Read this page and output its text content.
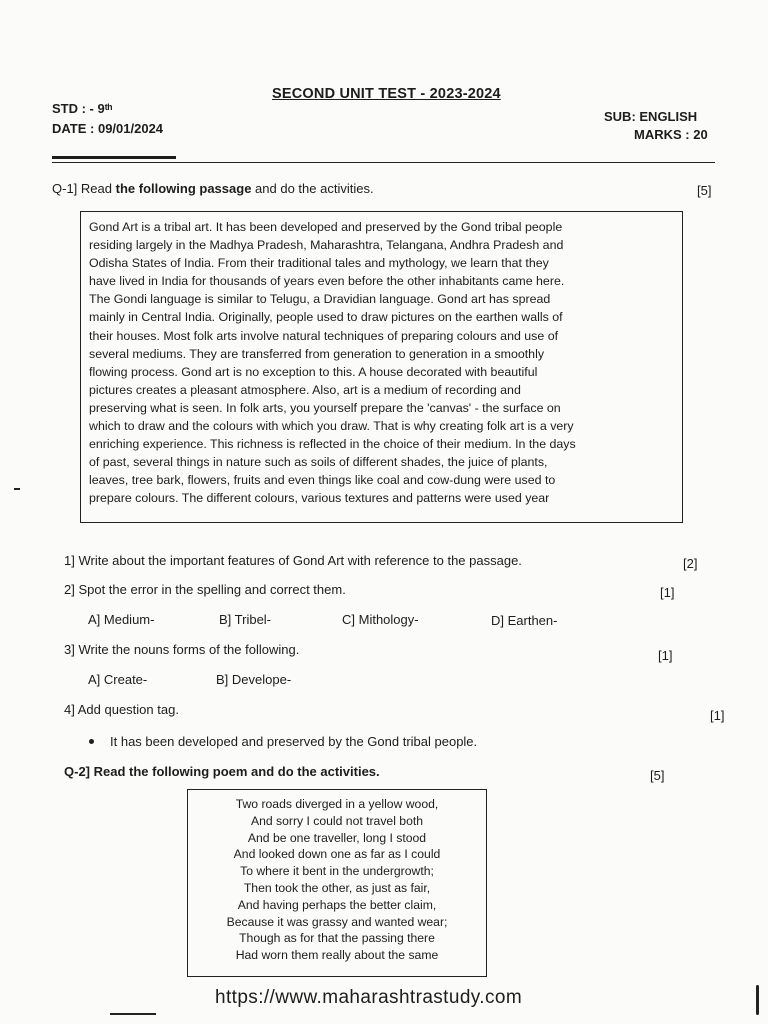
SECOND UNIT TEST - 2023-2024
STD : - 9ᵗʰ
DATE : 09/01/2024
SUB: ENGLISH
MARKS : 20
Q-1] Read the following passage and do the activities.	[5]

Gond Art is a tribal art. It has been developed and preserved by the Gond tribal people
residing largely in the Madhya Pradesh, Maharashtra, Telangana, Andhra Pradesh and
Odisha States of India. From their traditional tales and mythology, we learn that they
have lived in India for thousands of years even before the other inhabitants came here.
The Gondi language is similar to Telugu, a Dravidian language. Gond art has spread
mainly in Central India. Originally, people used to draw pictures on the earthen walls of
their houses. Most folk arts involve natural techniques of preparing colours and use of
several mediums. They are transferred from generation to generation in a smoothly
flowing process. Gond art is no exception to this. A house decorated with beautiful
pictures creates a pleasant atmosphere. Also, art is a medium of recording and
preserving what is seen. In folk arts, you yourself prepare the 'canvas' - the surface on
which to draw and the colours with which you draw. That is why creating folk art is a very
enriching experience. This richness is reflected in the choice of their medium. In the days
of past, several things in nature such as soils of different shades, the juice of plants,
leaves, tree bark, flowers, fruits and even things like coal and cow-dung were used to
prepare colours. The different colours, various textures and patterns were used year

1] Write about the important features of Gond Art with reference to the passage.	[2]
2] Spot the error in the spelling and correct them.	[1]
A] Medium-	B] Tribel-	C] Mithology-	D] Earthen-
3] Write the nouns forms of the following.	[1]
A] Create-	B] Develope-
4] Add question tag.	[1]
It has been developed and preserved by the Gond tribal people.
Q-2] Read the following poem and do the activities.	[5]
Two roads diverged in a yellow wood,
And sorry I could not travel both
And be one traveller, long I stood
And looked down one as far as I could
To where it bent in the undergrowth;
Then took the other, as just as fair,
And having perhaps the better claim,
Because it was grassy and wanted wear;
Though as for that the passing there
Had worn them really about the same
https://www.maharashtrastudy.com
